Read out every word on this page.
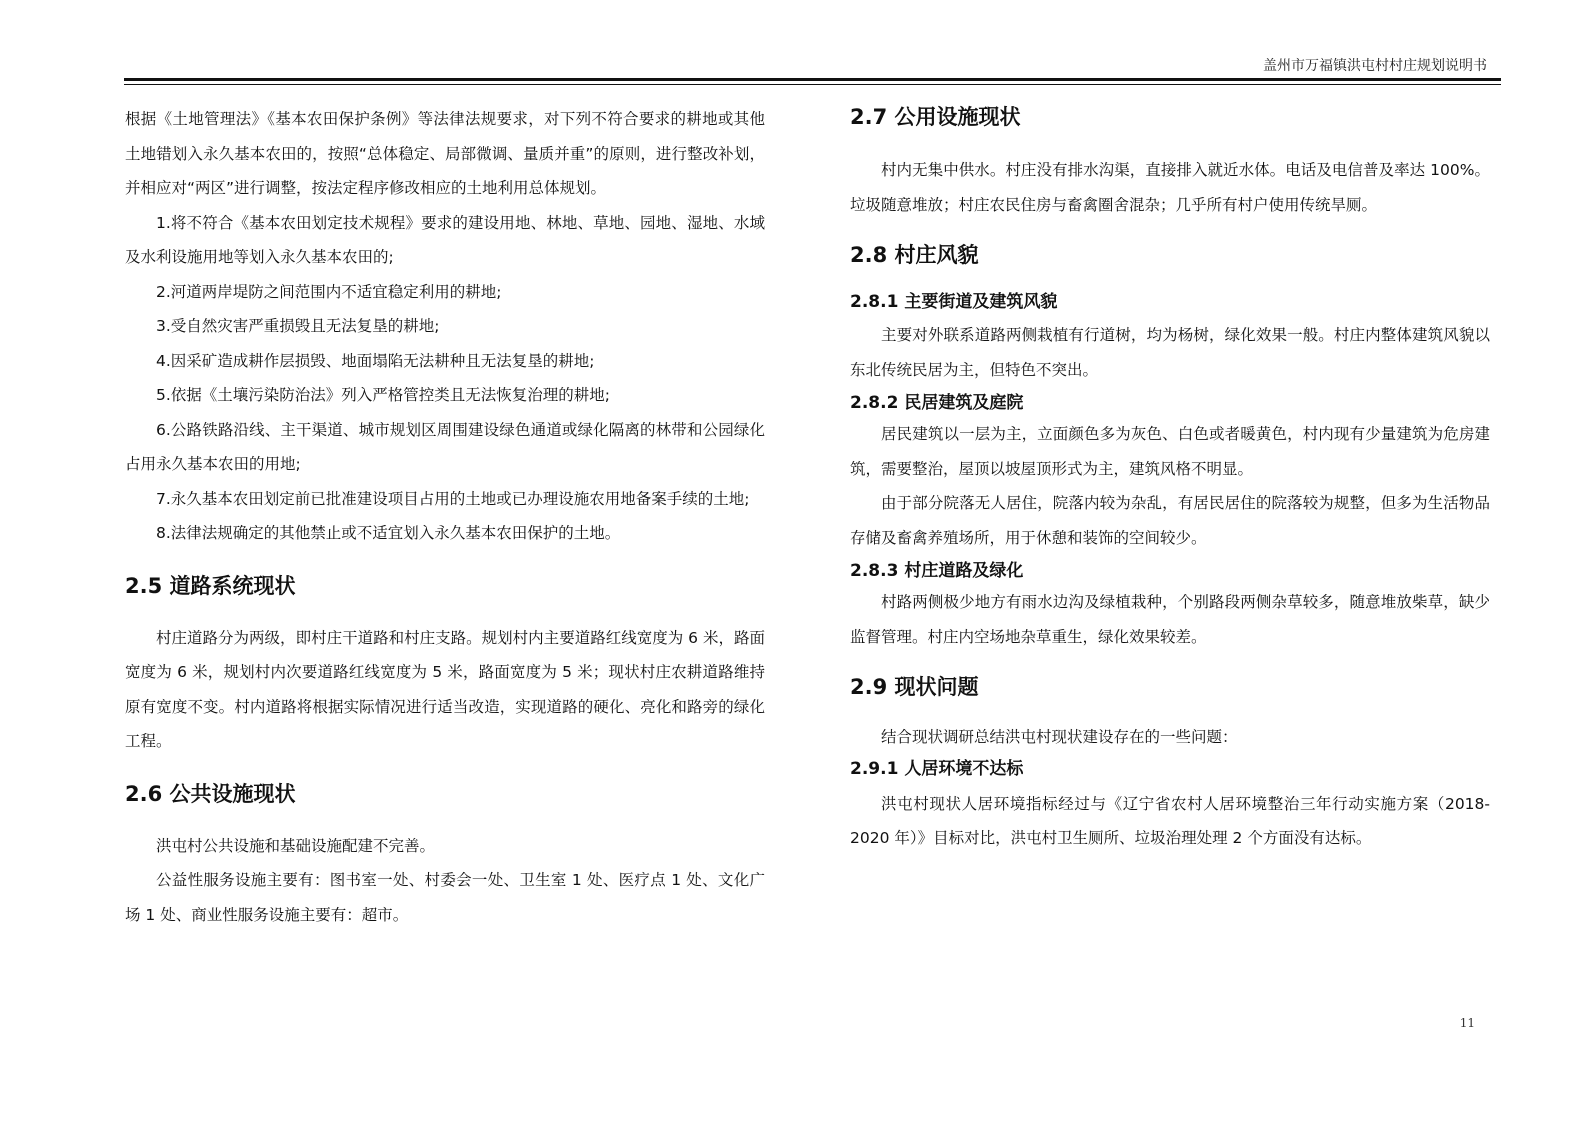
盖州市万福镇洪屯村村庄规划说明书

根据《土地管理法》《基本农田保护条例》等法律法规要求，对下列不符合要求的耕地或其他土地错划入永久基本农田的，按照“总体稳定、局部微调、量质并重”的原则，进行整改补划，并相应对“两区”进行调整，按法定程序修改相应的土地利用总体规划。

1.将不符合《基本农田划定技术规程》要求的建设用地、林地、草地、园地、湿地、水域及水利设施用地等划入永久基本农田的;

2.河道两岸堤防之间范围内不适宜稳定利用的耕地;

3.受自然灾害严重损毁且无法复垦的耕地;

4.因采矿造成耕作层损毁、地面塌陷无法耕种且无法复垦的耕地;

5.依据《土壤污染防治法》列入严格管控类且无法恢复治理的耕地;

6.公路铁路沿线、主干渠道、城市规划区周围建设绿色通道或绿化隔离的林带和公园绿化占用永久基本农田的用地;

7.永久基本农田划定前已批准建设项目占用的土地或已办理设施农用地备案手续的土地;

8.法律法规确定的其他禁止或不适宜划入永久基本农田保护的土地。

2.5 道路系统现状

村庄道路分为两级，即村庄干道路和村庄支路。规划村内主要道路红线宽度为 6 米，路面宽度为 6 米，规划村内次要道路红线宽度为 5 米，路面宽度为 5 米；现状村庄农耕道路维持原有宽度不变。村内道路将根据实际情况进行适当改造，实现道路的硬化、亮化和路旁的绿化工程。

2.6 公共设施现状

洪屯村公共设施和基础设施配建不完善。

公益性服务设施主要有：图书室一处、村委会一处、卫生室 1 处、医疗点 1 处、文化广场 1 处、商业性服务设施主要有：超市。

2.7 公用设施现状

村内无集中供水。村庄没有排水沟渠，直接排入就近水体。电话及电信普及率达 100%。垃圾随意堆放；村庄农民住房与畜禽圈舍混杂；几乎所有村户使用传统旱厕。

2.8 村庄风貌
2.8.1 主要街道及建筑风貌

主要对外联系道路两侧栽植有行道树，均为杨树，绿化效果一般。村庄内整体建筑风貌以东北传统民居为主，但特色不突出。

2.8.2 民居建筑及庭院

居民建筑以一层为主，立面颜色多为灰色、白色或者暖黄色，村内现有少量建筑为危房建筑，需要整治，屋顶以坡屋顶形式为主，建筑风格不明显。

由于部分院落无人居住，院落内较为杂乱，有居民居住的院落较为规整，但多为生活物品存储及畜禽养殖场所，用于休憩和装饰的空间较少。

2.8.3 村庄道路及绿化

村路两侧极少地方有雨水边沟及绿植栽种，个别路段两侧杂草较多，随意堆放柴草，缺少监督管理。村庄内空场地杂草重生，绿化效果较差。

2.9 现状问题

结合现状调研总结洪屯村现状建设存在的一些问题：

2.9.1 人居环境不达标

洪屯村现状人居环境指标经过与《辽宁省农村人居环境整治三年行动实施方案（2018-2020 年）》目标对比，洪屯村卫生厕所、垃圾治理处理 2 个方面没有达标。

11
